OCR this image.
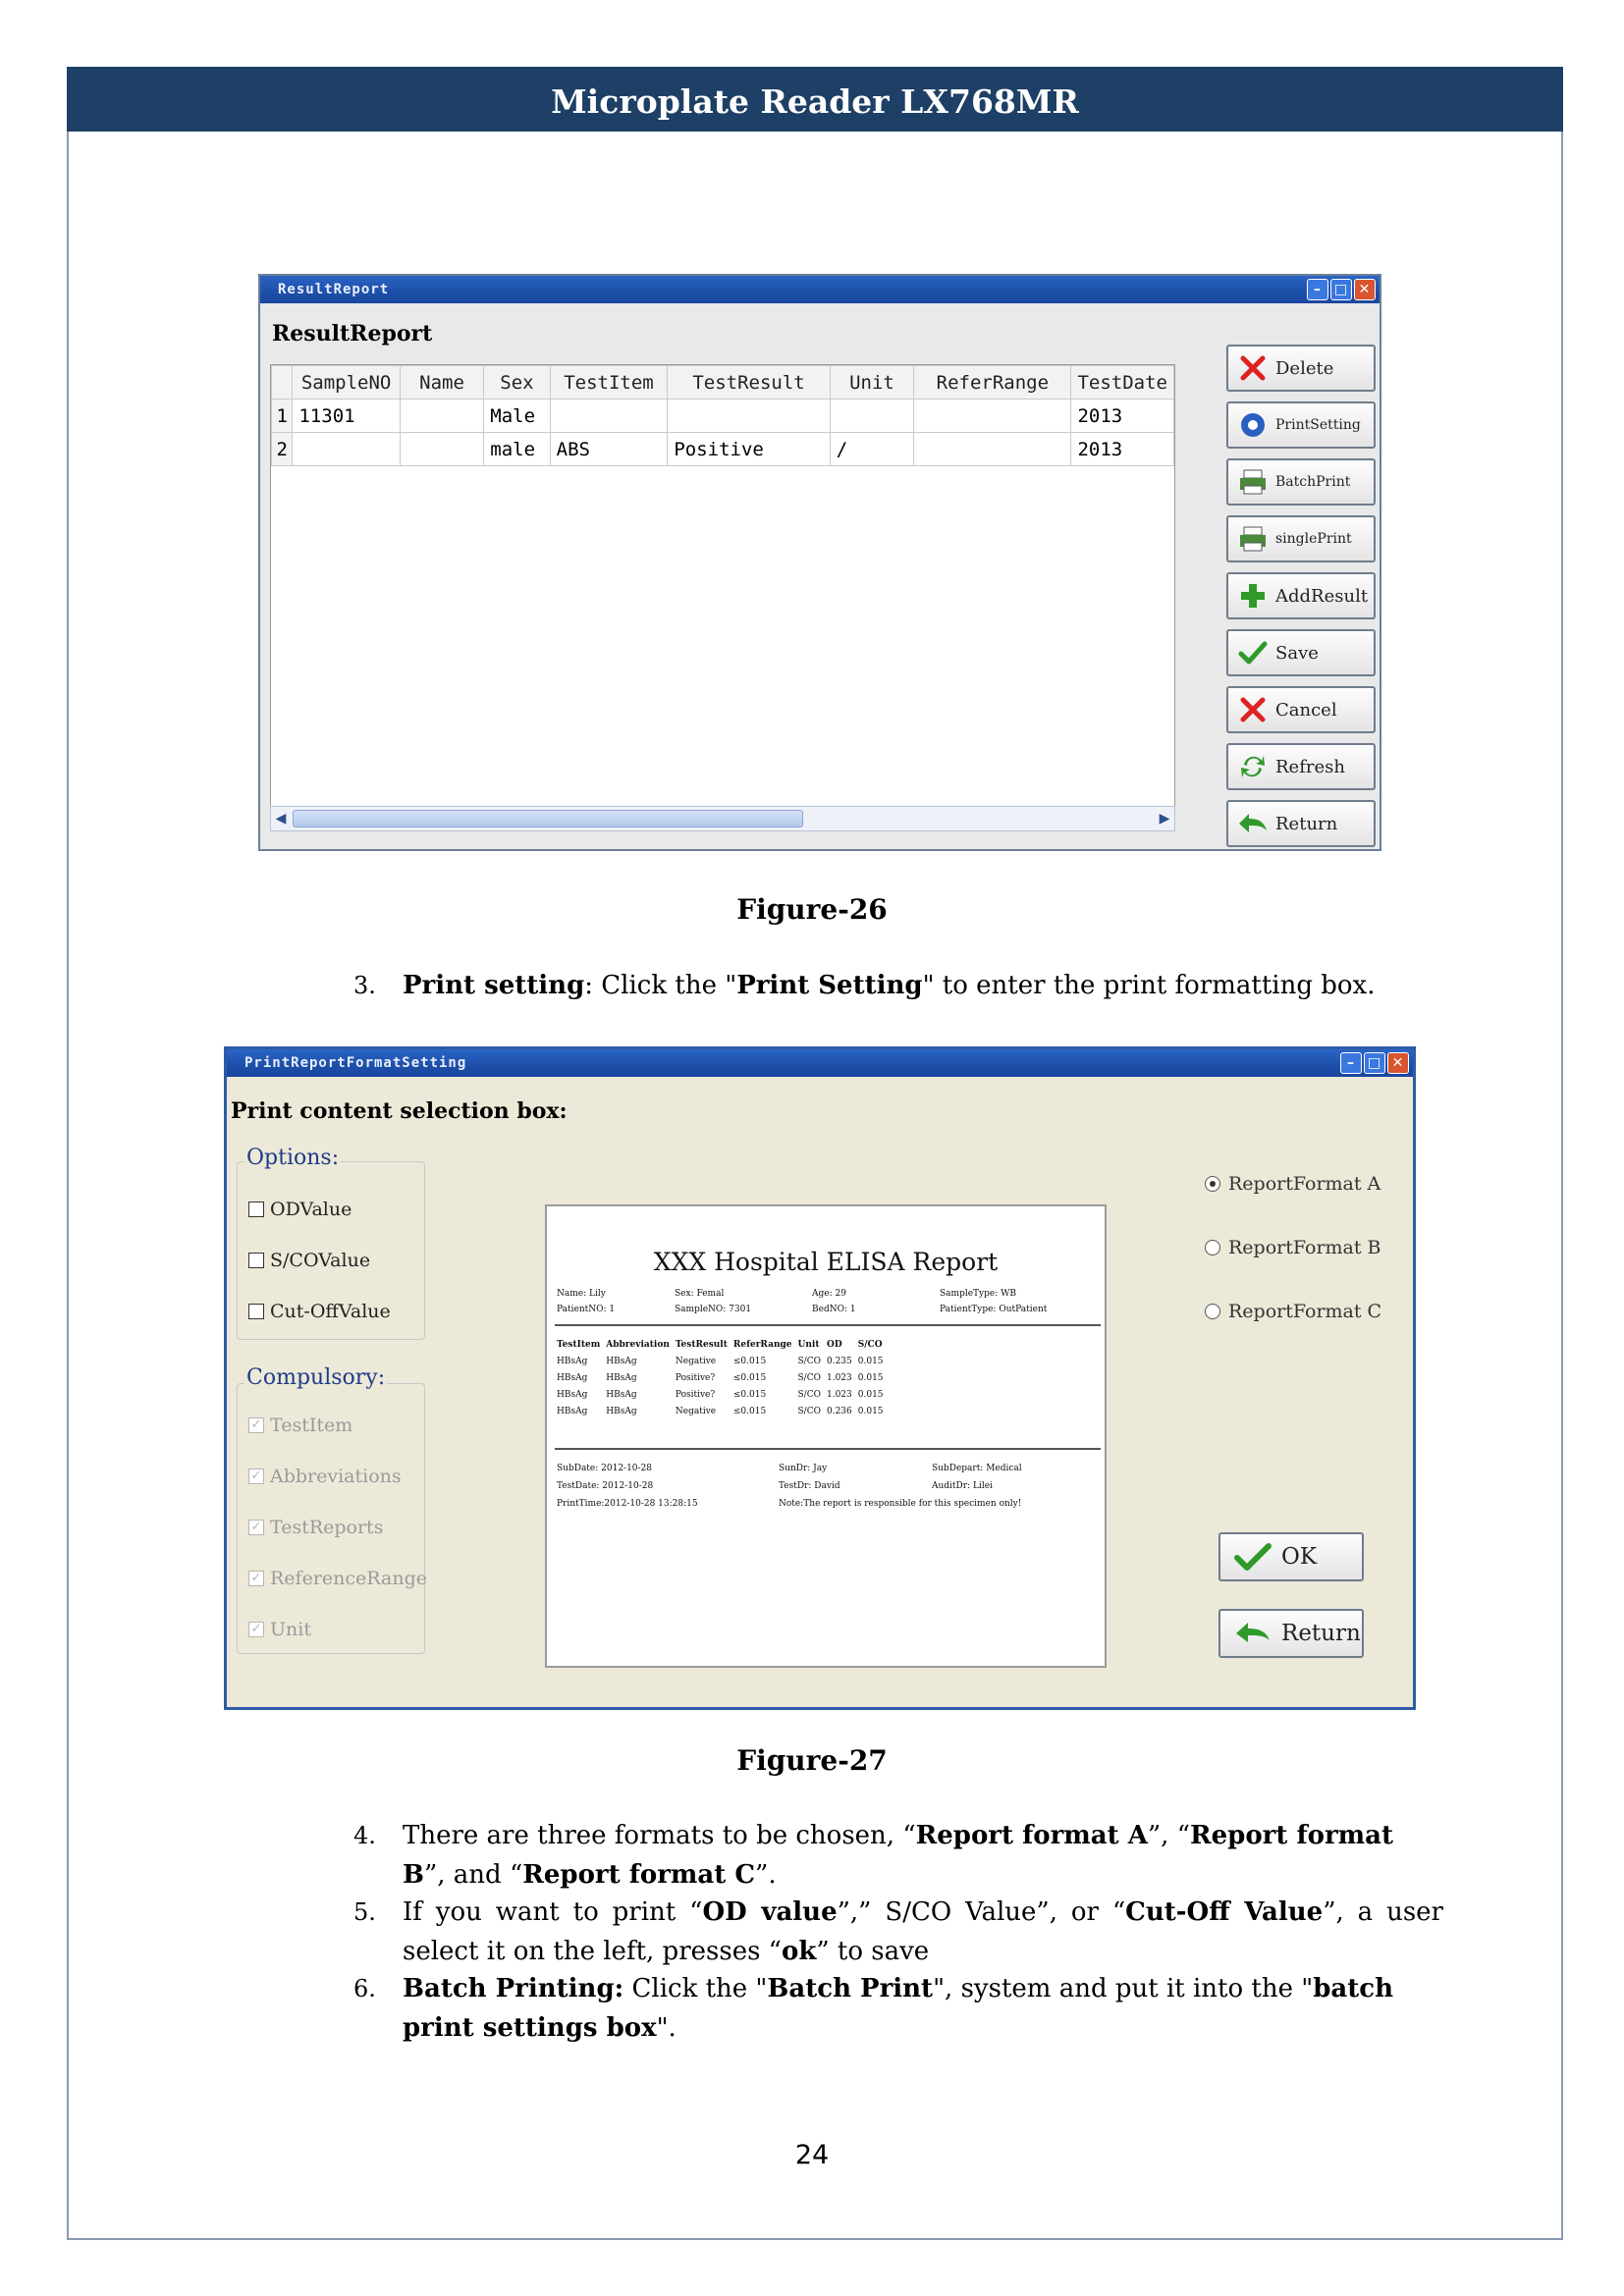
Microplate Reader LX768MR
ResultReport	– □ ✕
ResultReport
	SampleNO	Name	Sex	TestItem	TestResult	Unit	ReferRange	TestDate
1	11301		Male					2013
2			male	ABS	Positive	/		2013

◀	▶
Delete
PrintSetting
BatchPrint
singlePrint
AddResult
Save
Cancel
Refresh
Return
Figure-26
3. Print setting: Click the "Print Setting" to enter the print formatting box.
PrintReportFormatSetting	– □ ✕
Print content selection box:
Options:
ODValue
S/COValue
Cut-OffValue
Compulsory:
✓ TestItem
✓ Abbreviations
✓ TestReports
✓ ReferenceRange
✓ Unit
XXX Hospital ELISA Report
Name: Lily	Sex: Femal	Age: 29	SampleType: WB
PatientNO: 1	SampleNO: 7301	BedNO: 1	PatientType: OutPatient
TestItem	Abbreviation	TestResult	ReferRange	Unit	OD	S/CO
HBsAg	HBsAg	Negative	≤0.015	S/CO	0.235	0.015
HBsAg	HBsAg	Positive?	≤0.015	S/CO	1.023	0.015
HBsAg	HBsAg	Positive?	≤0.015	S/CO	1.023	0.015
HBsAg	HBsAg	Negative	≤0.015	S/CO	0.236	0.015
SubDate: 2012-10-28	SunDr: Jay	SubDepart: Medical
TestDate: 2012-10-28	TestDr: David	AuditDr: Lilei
PrintTime:2012-10-28 13:28:15	Note:The report is responsible for this specimen only!
ReportFormat A
ReportFormat B
ReportFormat C
OK
Return
Figure-27
4. There are three formats to be chosen, “Report format A”, “Report format B”, and “Report format C”.
5. If you want to print “OD value”,” S/CO Value”, or “Cut-Off Value”, a user select it on the left, presses “ok” to save
6. Batch Printing: Click the "Batch Print", system and put it into the "batch print settings box".
24
